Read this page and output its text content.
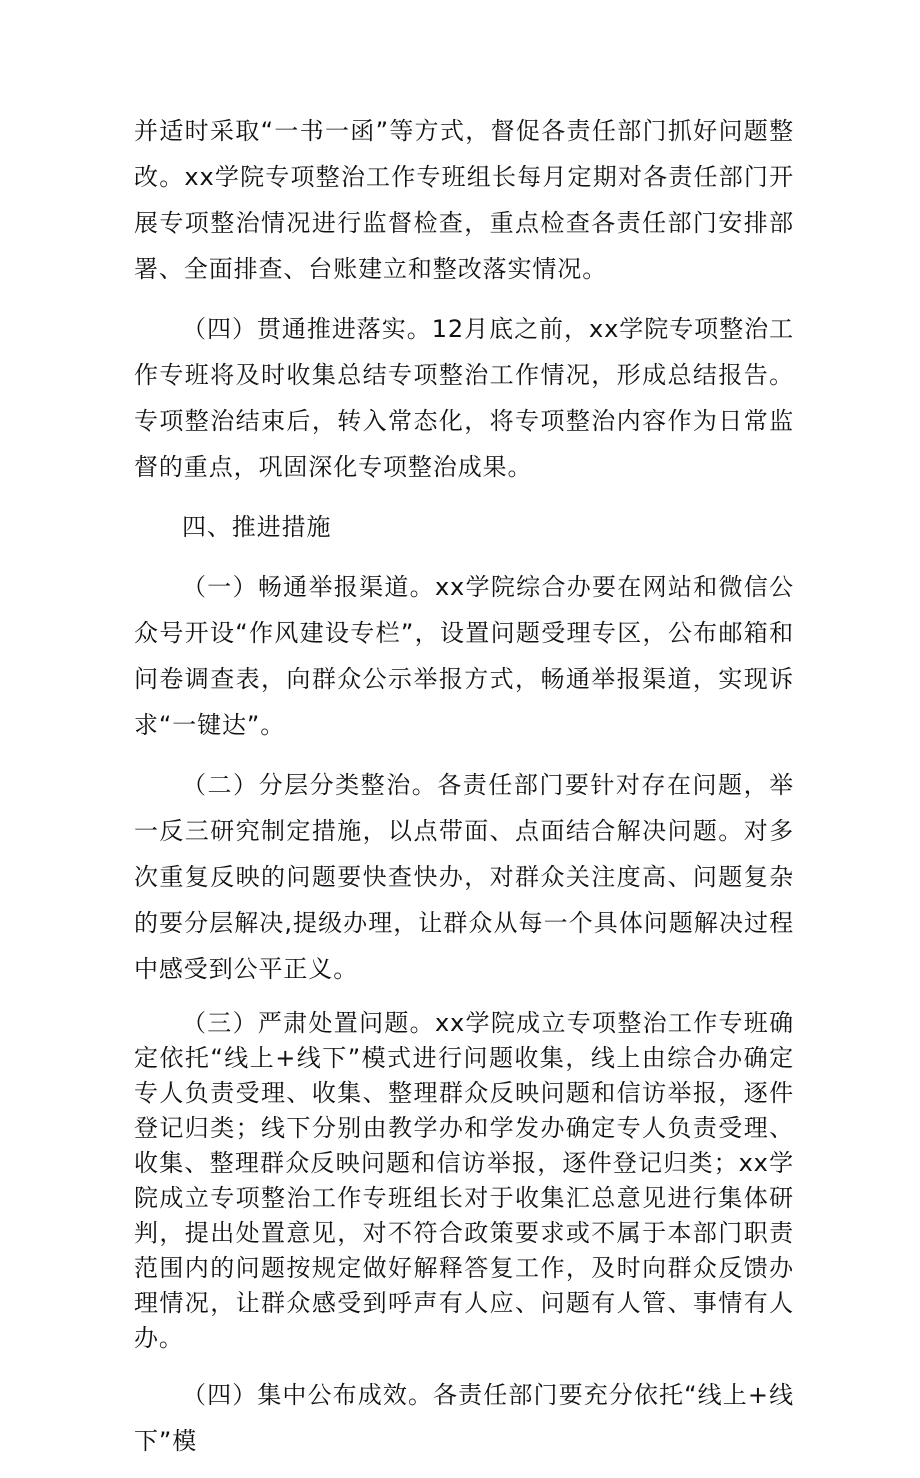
并适时采取“一书一函”等方式，督促各责任部门抓好问题整改。xx学院专项整治工作专班组长每月定期对各责任部门开展专项整治情况进行监督检查，重点检查各责任部门安排部署、全面排查、台账建立和整改落实情况。

（四）贯通推进落实。12月底之前，xx学院专项整治工作专班将及时收集总结专项整治工作情况，形成总结报告。专项整治结束后，转入常态化，将专项整治内容作为日常监督的重点，巩固深化专项整治成果。

四、推进措施

（一）畅通举报渠道。xx学院综合办要在网站和微信公众号开设“作风建设专栏”，设置问题受理专区，公布邮箱和问卷调查表，向群众公示举报方式，畅通举报渠道，实现诉求“一键达”。

（二）分层分类整治。各责任部门要针对存在问题，举一反三研究制定措施，以点带面、点面结合解决问题。对多次重复反映的问题要快查快办，对群众关注度高、问题复杂的要分层解决,提级办理，让群众从每一个具体问题解决过程中感受到公平正义。

（三）严肃处置问题。xx学院成立专项整治工作专班确定依托“线上+线下”模式进行问题收集，线上由综合办确定专人负责受理、收集、整理群众反映问题和信访举报，逐件登记归类；线下分别由教学办和学发办确定专人负责受理、收集、整理群众反映问题和信访举报，逐件登记归类；xx学院成立专项整治工作专班组长对于收集汇总意见进行集体研判，提出处置意见，对不符合政策要求或不属于本部门职责范围内的问题按规定做好解释答复工作，及时向群众反馈办理情况，让群众感受到呼声有人应、问题有人管、事情有人办。

（四）集中公布成效。各责任部门要充分依托“线上+线下”模
